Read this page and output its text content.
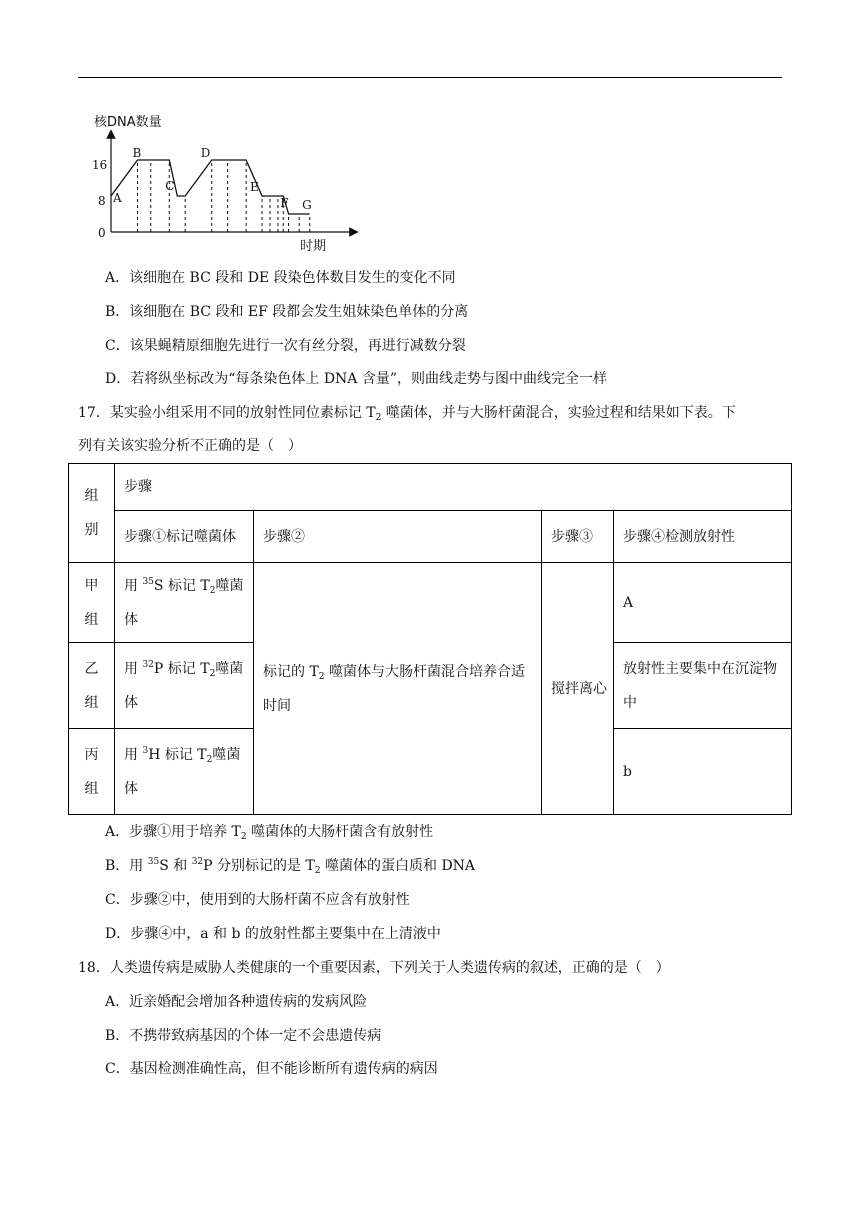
核DNA数量
0
8
16
时期
A
B
C
D
E
F G
A．该细胞在 BC 段和 DE 段染色体数目发生的变化不同
B．该细胞在 BC 段和 EF 段都会发生姐妹染色单体的分离
C．该果蝇精原细胞先进行一次有丝分裂，再进行减数分裂
D．若将纵坐标改为“每条染色体上 DNA 含量”，则曲线走势与图中曲线完全一样
17．某实验小组采用不同的放射性同位素标记 $T_2$ 噬菌体，并与大肠杆菌混合，实验过程和结果如下表。下
列有关该实验分析不正确的是（　）
组别	步骤			
	步骤①标记噬菌体	步骤②	步骤③	步骤④检测放射性

甲组	用 $^{35}$S 标记 $T_2$噬菌体	标记的 $T_2$ 噬菌体与大肠杆菌混合培养合适时间	搅拌离心	A

乙组	用 $^{32}$P 标记 $T_2$噬菌体			放射性主要集中在沉淀物中

丙组	用 $^3$H 标记 $T_2$噬菌体			b
A．步骤①用于培养 $T_2$ 噬菌体的大肠杆菌含有放射性
B．用 $^{35}$S 和 $^{32}$P 分别标记的是 $T_2$ 噬菌体的蛋白质和 DNA
C．步骤②中，使用到的大肠杆菌不应含有放射性
D．步骤④中，a 和 b 的放射性都主要集中在上清液中
18．人类遗传病是威胁人类健康的一个重要因素，下列关于人类遗传病的叙述，正确的是（　）
A．近亲婚配会增加各种遗传病的发病风险
B．不携带致病基因的个体一定不会患遗传病
C．基因检测准确性高，但不能诊断所有遗传病的病因
